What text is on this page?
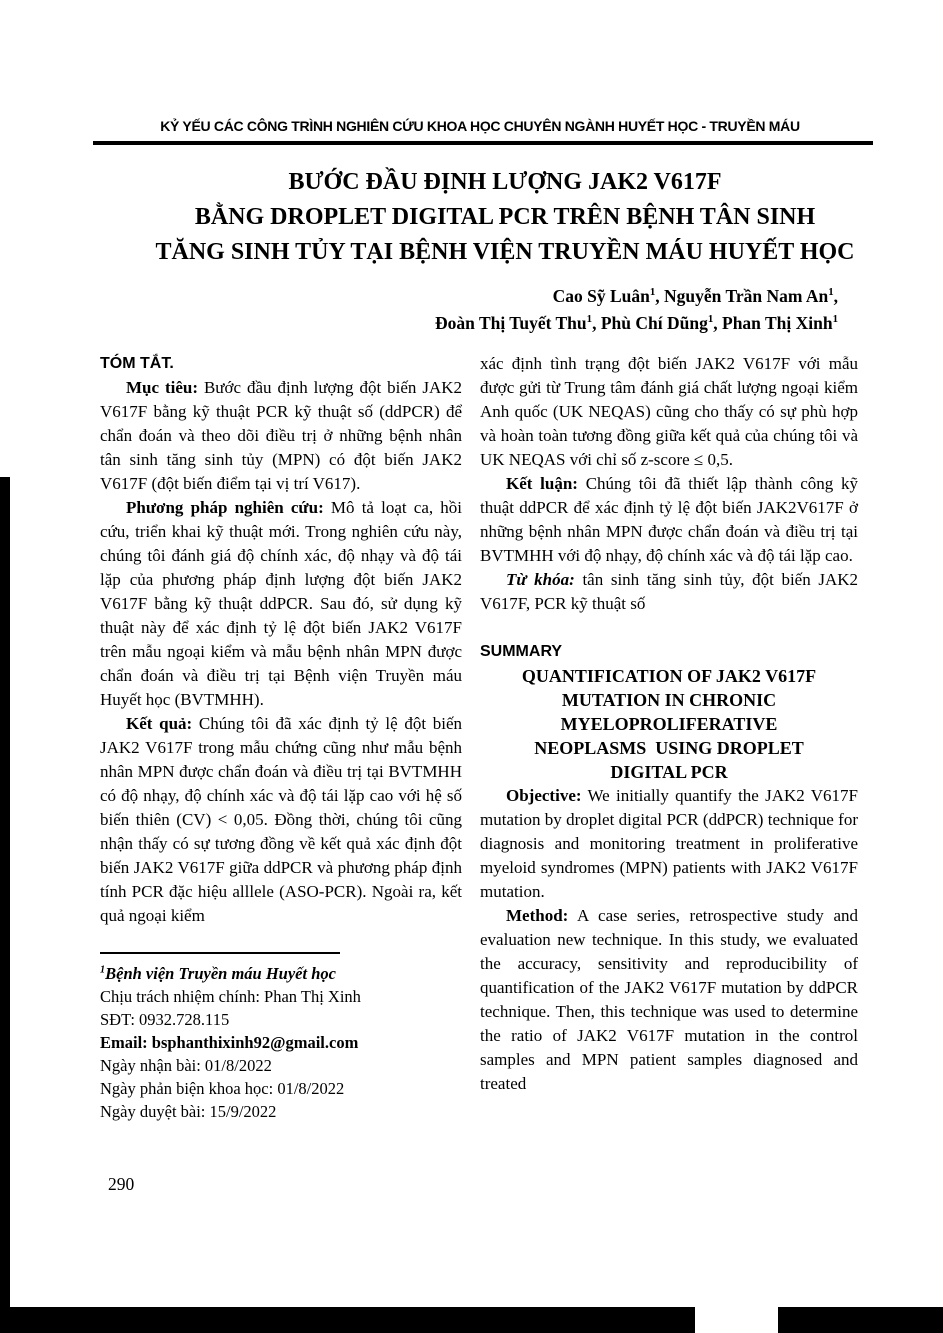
KỶ YẾU CÁC CÔNG TRÌNH NGHIÊN CỨU KHOA HỌC CHUYÊN NGÀNH HUYẾT HỌC - TRUYỀN MÁU
BƯỚC ĐẦU ĐỊNH LƯỢNG JAK2 V617F
BẰNG DROPLET DIGITAL PCR TRÊN BỆNH TÂN SINH
TĂNG SINH TỦY TẠI BỆNH VIỆN TRUYỀN MÁU HUYẾT HỌC
Cao Sỹ Luân$^1$, Nguyễn Trần Nam An$^1$,
Đoàn Thị Tuyết Thu$^1$, Phù Chí Dũng$^1$, Phan Thị Xinh$^1$
TÓM TẮT.

Mục tiêu: Bước đầu định lượng đột biến JAK2 V617F bằng kỹ thuật PCR kỹ thuật số (ddPCR) để chẩn đoán và theo dõi điều trị ở những bệnh nhân tân sinh tăng sinh tủy (MPN) có đột biến JAK2 V617F (đột biến điểm tại vị trí V617).

Phương pháp nghiên cứu: Mô tả loạt ca, hồi cứu, triển khai kỹ thuật mới. Trong nghiên cứu này, chúng tôi đánh giá độ chính xác, độ nhạy và độ tái lặp của phương pháp định lượng đột biến JAK2 V617F bằng kỹ thuật ddPCR. Sau đó, sử dụng kỹ thuật này để xác định tỷ lệ đột biến JAK2 V617F trên mẫu ngoại kiểm và mẫu bệnh nhân MPN được chẩn đoán và điều trị tại Bệnh viện Truyền máu Huyết học (BVTMHH).

Kết quả: Chúng tôi đã xác định tỷ lệ đột biến JAK2 V617F trong mẫu chứng cũng như mẫu bệnh nhân MPN được chẩn đoán và điều trị tại BVTMHH có độ nhạy, độ chính xác và độ tái lặp cao với hệ số biến thiên (CV) < 0,05. Đồng thời, chúng tôi cũng nhận thấy có sự tương đồng về kết quả xác định đột biến JAK2 V617F giữa ddPCR và phương pháp định tính PCR đặc hiệu alllele (ASO-PCR). Ngoài ra, kết quả ngoại kiểm

$^1$Bệnh viện Truyền máu Huyết học
Chịu trách nhiệm chính: Phan Thị Xinh
SĐT: 0932.728.115
Email: bsphanthixinh92@gmail.com
Ngày nhận bài: 01/8/2022
Ngày phản biện khoa học: 01/8/2022
Ngày duyệt bài: 15/9/2022

xác định tình trạng đột biến JAK2 V617F với mẫu được gửi từ Trung tâm đánh giá chất lượng ngoại kiểm Anh quốc (UK NEQAS) cũng cho thấy có sự phù hợp và hoàn toàn tương đồng giữa kết quả của chúng tôi và UK NEQAS với chỉ số z-score ≤ 0,5.

Kết luận: Chúng tôi đã thiết lập thành công kỹ thuật ddPCR để xác định tỷ lệ đột biến JAK2V617F ở những bệnh nhân MPN được chẩn đoán và điều trị tại BVTMHH với độ nhạy, độ chính xác và độ tái lặp cao.

Từ khóa: tân sinh tăng sinh tủy, đột biến JAK2 V617F, PCR kỹ thuật số

SUMMARY
QUANTIFICATION OF JAK2 V617F
MUTATION IN CHRONIC
MYELOPROLIFERATIVE
NEOPLASMS  USING DROPLET
DIGITAL PCR

Objective: We initially quantify the JAK2 V617F mutation by droplet digital PCR (ddPCR) technique for diagnosis and monitoring treatment in proliferative myeloid syndromes (MPN) patients with JAK2 V617F mutation.

Method: A case series, retrospective study and evaluation new technique. In this study, we evaluated the accuracy, sensitivity and reproducibility of quantification of the JAK2 V617F mutation by ddPCR technique. Then, this technique was used to determine the ratio of JAK2 V617F mutation in the control samples and MPN patient samples diagnosed and treated

290
